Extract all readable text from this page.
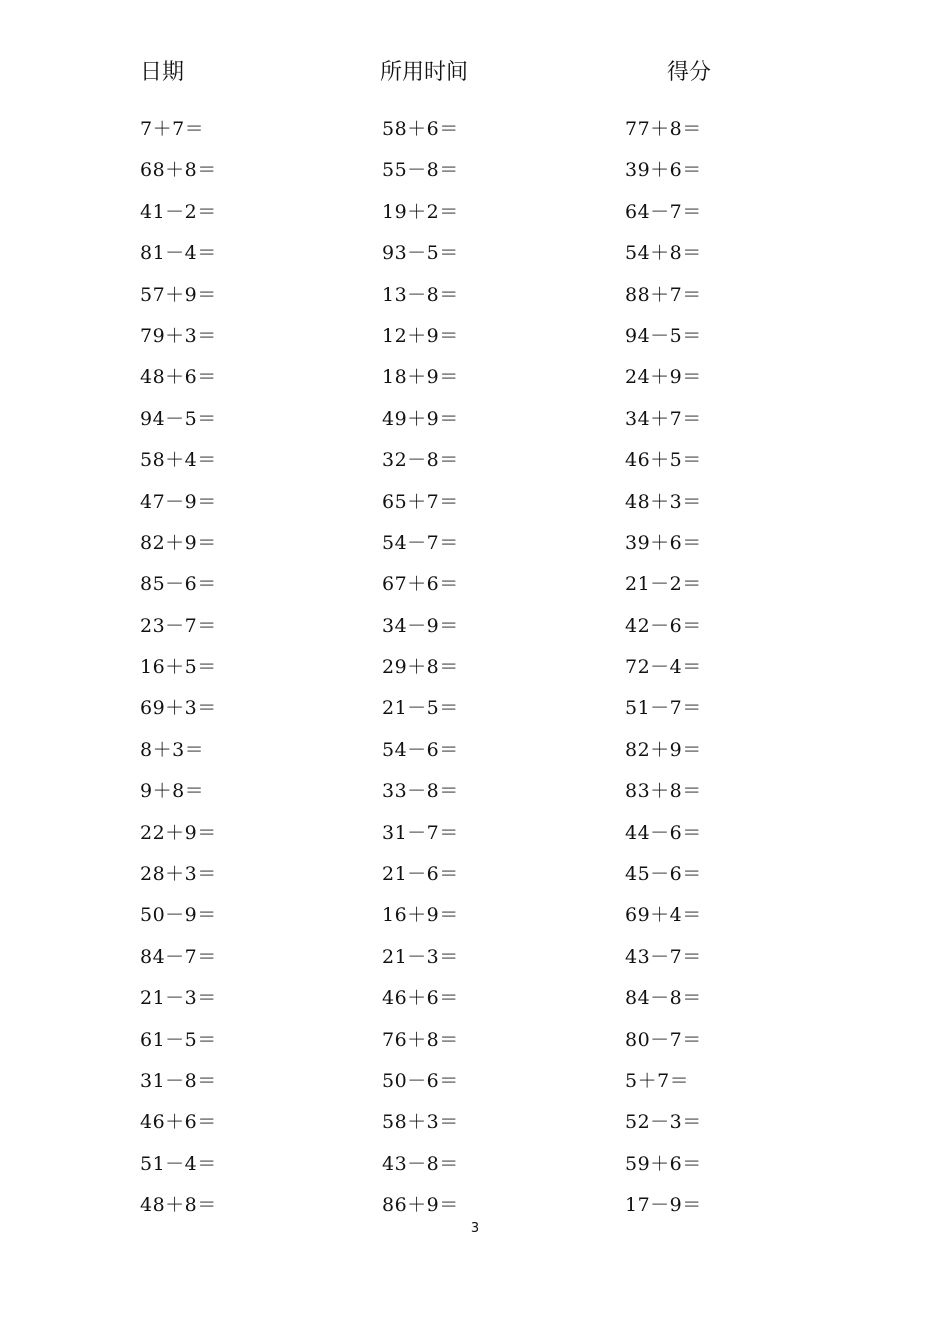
日期	所用时间	得分
7＋7＝
68＋8＝
41－2＝
81－4＝
57＋9＝
79＋3＝
48＋6＝
94－5＝
58＋4＝
47－9＝
82＋9＝
85－6＝
23－7＝
16＋5＝
69＋3＝
8＋3＝
9＋8＝
22＋9＝
28＋3＝
50－9＝
84－7＝
21－3＝
61－5＝
31－8＝
46＋6＝
51－4＝
48＋8＝
58＋6＝
55－8＝
19＋2＝
93－5＝
13－8＝
12＋9＝
18＋9＝
49＋9＝
32－8＝
65＋7＝
54－7＝
67＋6＝
34－9＝
29＋8＝
21－5＝
54－6＝
33－8＝
31－7＝
21－6＝
16＋9＝
21－3＝
46＋6＝
76＋8＝
50－6＝
58＋3＝
43－8＝
86＋9＝
77＋8＝
39＋6＝
64－7＝
54＋8＝
88＋7＝
94－5＝
24＋9＝
34＋7＝
46＋5＝
48＋3＝
39＋6＝
21－2＝
42－6＝
72－4＝
51－7＝
82＋9＝
83＋8＝
44－6＝
45－6＝
69＋4＝
43－7＝
84－8＝
80－7＝
5＋7＝
52－3＝
59＋6＝
17－9＝
3
